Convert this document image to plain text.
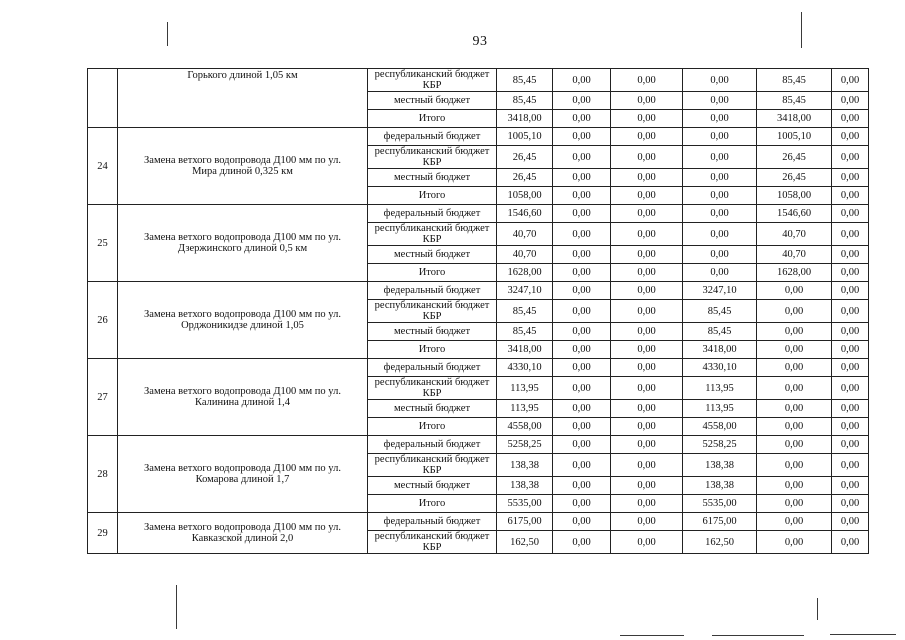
93
	Горького длиной 1,05 км	республиканский бюджет КБР	85,45	0,00	0,00	0,00	85,45	0,00
		местный бюджет	85,45	0,00	0,00	0,00	85,45	0,00
		Итого	3418,00	0,00	0,00	0,00	3418,00	0,00
24	Замена ветхого водопровода Д100 мм по ул. Мира длиной 0,325 км	федеральный бюджет	1005,10	0,00	0,00	0,00	1005,10	0,00
		республиканский бюджет КБР	26,45	0,00	0,00	0,00	26,45	0,00
		местный бюджет	26,45	0,00	0,00	0,00	26,45	0,00
		Итого	1058,00	0,00	0,00	0,00	1058,00	0,00
25	Замена ветхого водопровода Д100 мм по ул. Дзержинского длиной 0,5 км	федеральный бюджет	1546,60	0,00	0,00	0,00	1546,60	0,00
		республиканский бюджет КБР	40,70	0,00	0,00	0,00	40,70	0,00
		местный бюджет	40,70	0,00	0,00	0,00	40,70	0,00
		Итого	1628,00	0,00	0,00	0,00	1628,00	0,00
26	Замена ветхого водопровода Д100 мм по ул. Орджоникидзе длиной 1,05	федеральный бюджет	3247,10	0,00	0,00	3247,10	0,00	0,00
		республиканский бюджет КБР	85,45	0,00	0,00	85,45	0,00	0,00
		местный бюджет	85,45	0,00	0,00	85,45	0,00	0,00
		Итого	3418,00	0,00	0,00	3418,00	0,00	0,00
27	Замена ветхого водопровода Д100 мм по ул. Калинина длиной 1,4	федеральный бюджет	4330,10	0,00	0,00	4330,10	0,00	0,00
		республиканский бюджет КБР	113,95	0,00	0,00	113,95	0,00	0,00
		местный бюджет	113,95	0,00	0,00	113,95	0,00	0,00
		Итого	4558,00	0,00	0,00	4558,00	0,00	0,00
28	Замена ветхого водопровода Д100 мм по ул. Комарова длиной 1,7	федеральный бюджет	5258,25	0,00	0,00	5258,25	0,00	0,00
		республиканский бюджет КБР	138,38	0,00	0,00	138,38	0,00	0,00
		местный бюджет	138,38	0,00	0,00	138,38	0,00	0,00
		Итого	5535,00	0,00	0,00	5535,00	0,00	0,00
29	Замена ветхого водопровода Д100 мм по ул. Кавказской длиной 2,0	федеральный бюджет	6175,00	0,00	0,00	6175,00	0,00	0,00
		республиканский бюджет КБР	162,50	0,00	0,00	162,50	0,00	0,00
